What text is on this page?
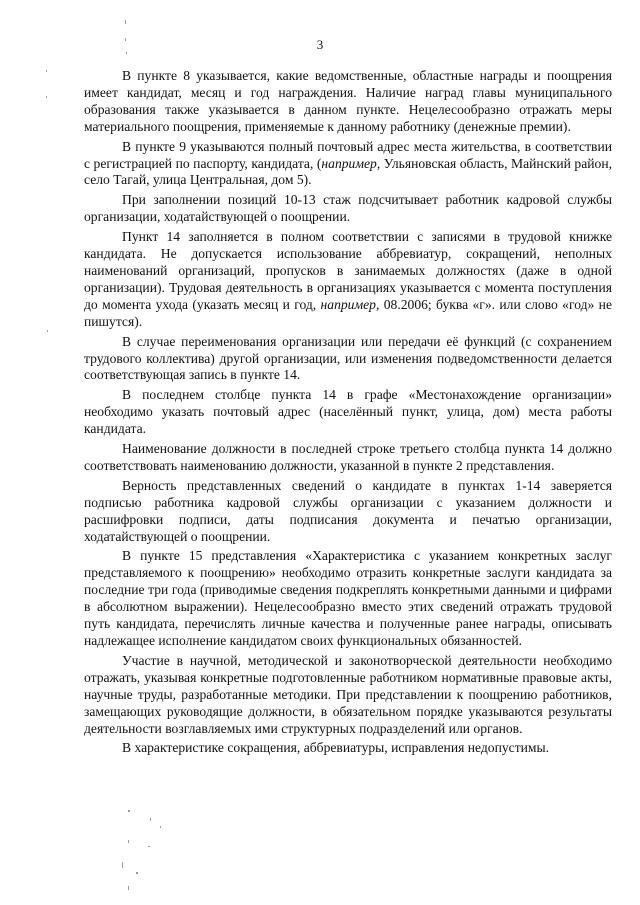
3

В пункте 8 указывается, какие ведомственные, областные награды и поощрения имеет кандидат, месяц и год награждения. Наличие наград главы муниципального образования также указывается в данном пункте. Нецелесообразно отражать меры материального поощрения, применяемые к данному работнику (денежные премии).

В пункте 9 указываются полный почтовый адрес места жительства, в соответствии с регистрацией по паспорту, кандидата, (например, Ульяновская область, Майнский район, село Тагай, улица Центральная, дом 5).

При заполнении позиций 10-13 стаж подсчитывает работник кадровой службы организации, ходатайствующей о поощрении.

Пункт 14 заполняется в полном соответствии с записями в трудовой книжке кандидата. Не допускается использование аббревиатур, сокращений, неполных наименований организаций, пропусков в занимаемых должностях (даже в одной организации). Трудовая деятельность в организациях указывается с момента поступления до момента ухода (указать месяц и год, например, 08.2006; буква «г». или слово «год» не пишутся).

В случае переименования организации или передачи её функций (с сохранением трудового коллектива) другой организации, или изменения подведомственности делается соответствующая запись в пункте 14.

В последнем столбце пункта 14 в графе «Местонахождение организации» необходимо указать почтовый адрес (населённый пункт, улица, дом) места работы кандидата.

Наименование должности в последней строке третьего столбца пункта 14 должно соответствовать наименованию должности, указанной в пункте 2 представления.

Верность представленных сведений о кандидате в пунктах 1-14 заверяется подписью работника кадровой службы организации с указанием должности и расшифровки подписи, даты подписания документа и печатью организации, ходатайствующей о поощрении.

В пункте 15 представления «Характеристика с указанием конкретных заслуг представляемого к поощрению» необходимо отразить конкретные заслуги кандидата за последние три года (приводимые сведения подкреплять конкретными данными и цифрами в абсолютном выражении). Нецелесообразно вместо этих сведений отражать трудовой путь кандидата, перечислять личные качества и полученные ранее награды, описывать надлежащее исполнение кандидатом своих функциональных обязанностей.

Участие в научной, методической и законотворческой деятельности необходимо отражать, указывая конкретные подготовленные работником нормативные правовые акты, научные труды, разработанные методики. При представлении к поощрению работников, замещающих руководящие должности, в обязательном порядке указываются результаты деятельности возглавляемых ими структурных подразделений или органов.

В характеристике сокращения, аббревиатуры, исправления недопустимы.
